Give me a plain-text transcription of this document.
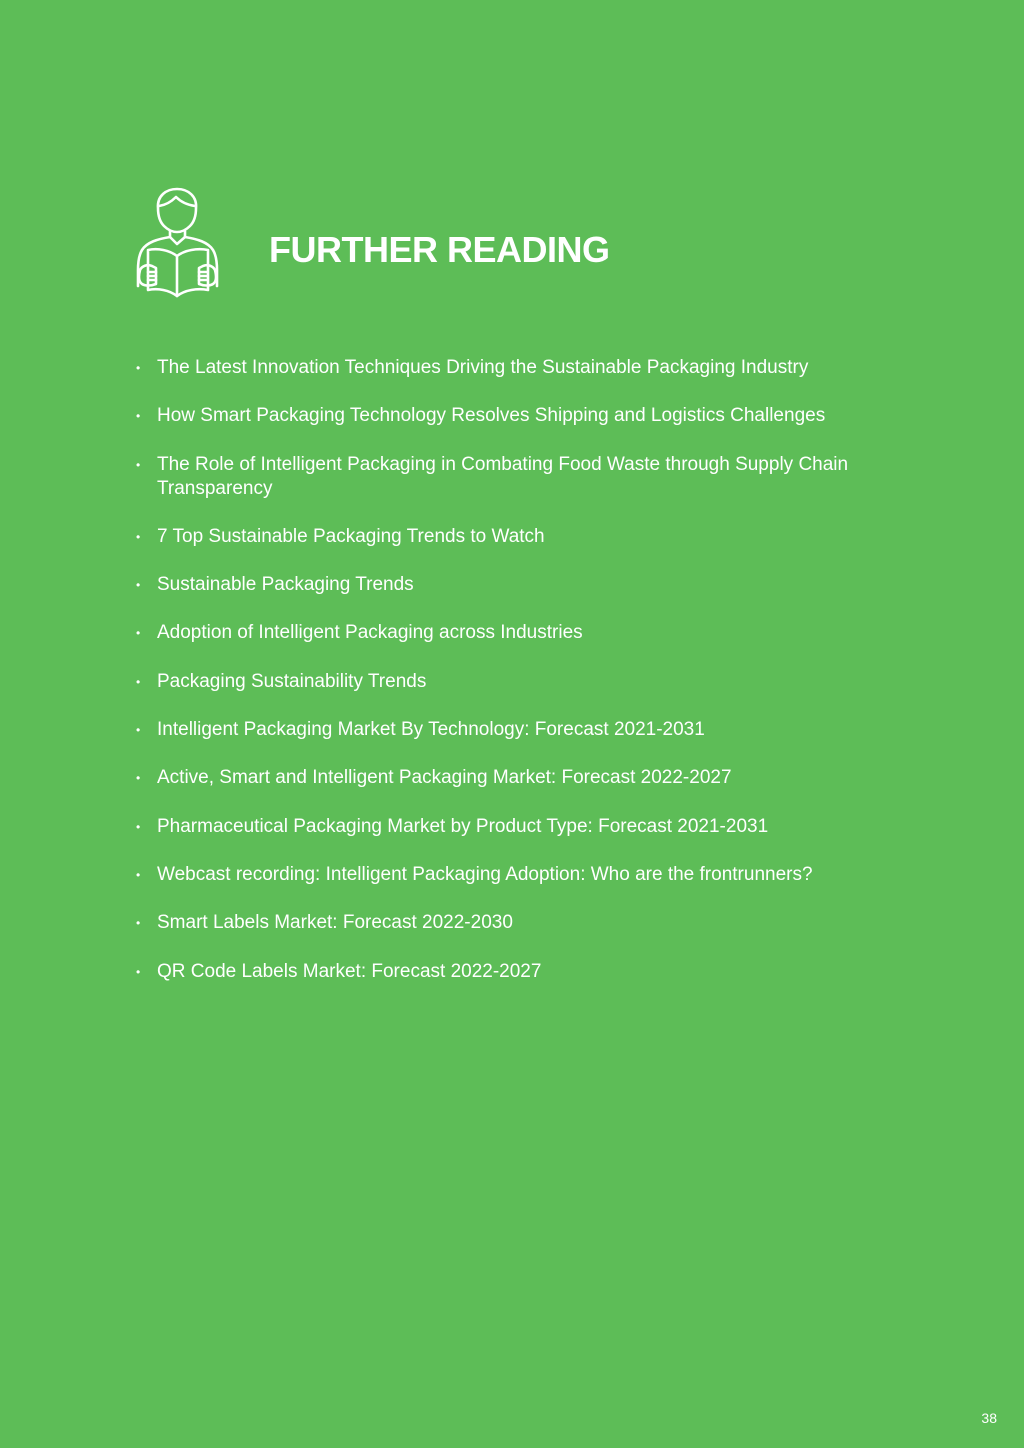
FURTHER READING
• The Latest Innovation Techniques Driving the Sustainable Packaging Industry
• How Smart Packaging Technology Resolves Shipping and Logistics Challenges
• The Role of Intelligent Packaging in Combating Food Waste through Supply Chain Transparency
• 7 Top Sustainable Packaging Trends to Watch
• Sustainable Packaging Trends
• Adoption of Intelligent Packaging across Industries
• Packaging Sustainability Trends
• Intelligent Packaging Market By Technology: Forecast 2021-2031
• Active, Smart and Intelligent Packaging Market: Forecast 2022-2027
• Pharmaceutical Packaging Market by Product Type: Forecast 2021-2031
• Webcast recording: Intelligent Packaging Adoption: Who are the frontrunners?
• Smart Labels Market: Forecast 2022-2030
• QR Code Labels Market: Forecast 2022-2027
38
